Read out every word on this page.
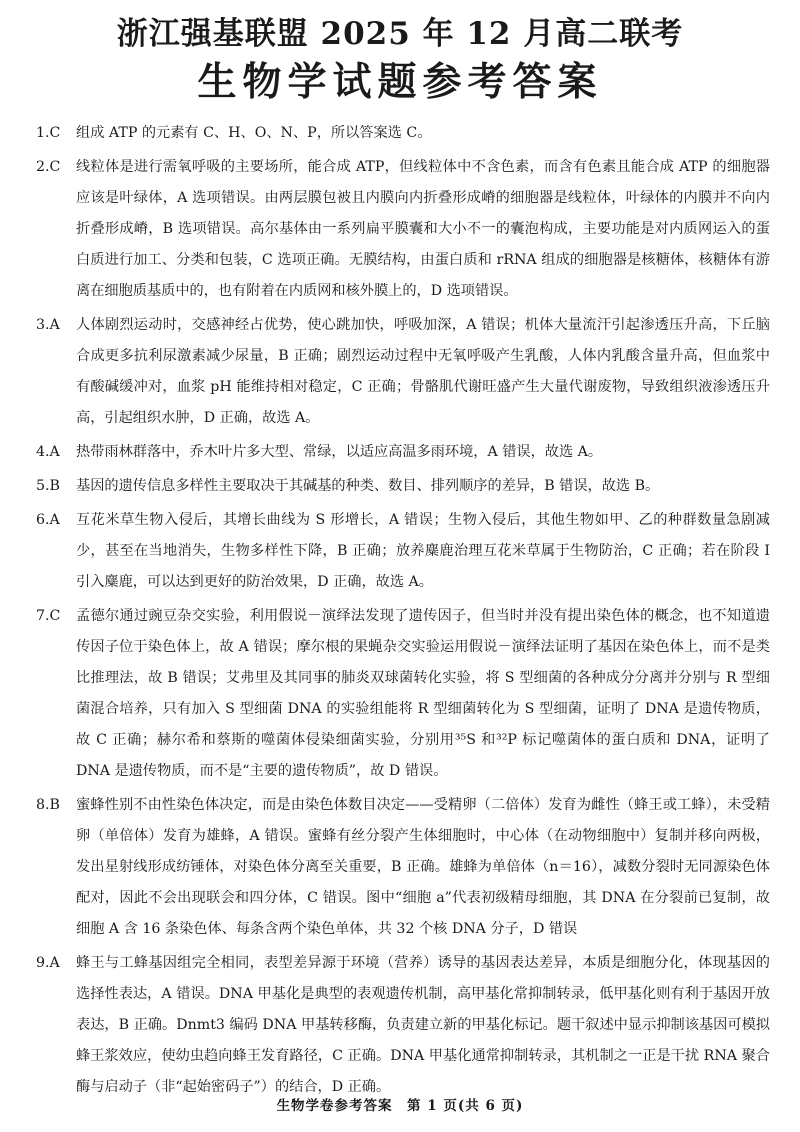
浙江强基联盟 2025 年 12 月高二联考
生物学试题参考答案
1.C	组成 ATP 的元素有 C、H、O、N、P，所以答案选 C。
2.C	线粒体是进行需氧呼吸的主要场所，能合成 ATP，但线粒体中不含色素，而含有色素且能合成 ATP 的细胞器应该是叶绿体，A 选项错误。由两层膜包被且内膜向内折叠形成嵴的细胞器是线粒体，叶绿体的内膜并不向内折叠形成嵴，B 选项错误。高尔基体由一系列扁平膜囊和大小不一的囊泡构成，主要功能是对内质网运入的蛋白质进行加工、分类和包装，C 选项正确。无膜结构，由蛋白质和 rRNA 组成的细胞器是核糖体，核糖体有游离在细胞质基质中的，也有附着在内质网和核外膜上的，D 选项错误。
3.A	人体剧烈运动时，交感神经占优势，使心跳加快，呼吸加深，A 错误；机体大量流汗引起渗透压升高，下丘脑合成更多抗利尿激素减少尿量，B 正确；剧烈运动过程中无氧呼吸产生乳酸，人体内乳酸含量升高，但血浆中有酸碱缓冲对，血浆 pH 能维持相对稳定，C 正确；骨骼肌代谢旺盛产生大量代谢废物，导致组织液渗透压升高，引起组织水肿，D 正确，故选 A。
4.A	热带雨林群落中，乔木叶片多大型、常绿，以适应高温多雨环境，A 错误，故选 A。
5.B	基因的遗传信息多样性主要取决于其碱基的种类、数目、排列顺序的差异，B 错误，故选 B。
6.A	互花米草生物入侵后，其增长曲线为 S 形增长，A 错误；生物入侵后，其他生物如甲、乙的种群数量急剧减少，甚至在当地消失，生物多样性下降，B 正确；放养麋鹿治理互花米草属于生物防治，C 正确；若在阶段 Ⅰ 引入麋鹿，可以达到更好的防治效果，D 正确，故选 A。
7.C	孟德尔通过豌豆杂交实验，利用假说－演绎法发现了遗传因子，但当时并没有提出染色体的概念，也不知道遗传因子位于染色体上，故 A 错误；摩尔根的果蝇杂交实验运用假说－演绎法证明了基因在染色体上，而不是类比推理法，故 B 错误；艾弗里及其同事的肺炎双球菌转化实验，将 S 型细菌的各种成分分离并分别与 R 型细菌混合培养，只有加入 S 型细菌 DNA 的实验组能将 R 型细菌转化为 S 型细菌，证明了 DNA 是遗传物质，故 C 正确；赫尔希和蔡斯的噬菌体侵染细菌实验，分别用³⁵S 和³²P 标记噬菌体的蛋白质和 DNA，证明了 DNA 是遗传物质，而不是“主要的遗传物质”，故 D 错误。
8.B	蜜蜂性别不由性染色体决定，而是由染色体数目决定——受精卵（二倍体）发育为雌性（蜂王或工蜂），未受精卵（单倍体）发育为雄蜂，A 错误。蜜蜂有丝分裂产生体细胞时，中心体（在动物细胞中）复制并移向两极，发出星射线形成纺锤体，对染色体分离至关重要，B 正确。雄蜂为单倍体（n＝16），减数分裂时无同源染色体配对，因此不会出现联会和四分体，C 错误。图中“细胞 a”代表初级精母细胞，其 DNA 在分裂前已复制，故细胞 A 含 16 条染色体、每条含两个染色单体，共 32 个核 DNA 分子，D 错误
9.A	蜂王与工蜂基因组完全相同，表型差异源于环境（营养）诱导的基因表达差异，本质是细胞分化，体现基因的选择性表达，A 错误。DNA 甲基化是典型的表观遗传机制，高甲基化常抑制转录，低甲基化则有利于基因开放表达，B 正确。Dnmt3 编码 DNA 甲基转移酶，负责建立新的甲基化标记。题干叙述中显示抑制该基因可模拟蜂王浆效应，使幼虫趋向蜂王发育路径，C 正确。DNA 甲基化通常抑制转录，其机制之一正是干扰 RNA 聚合酶与启动子（非“起始密码子”）的结合，D 正确。
生物学卷参考答案　第 1 页(共 6 页)
